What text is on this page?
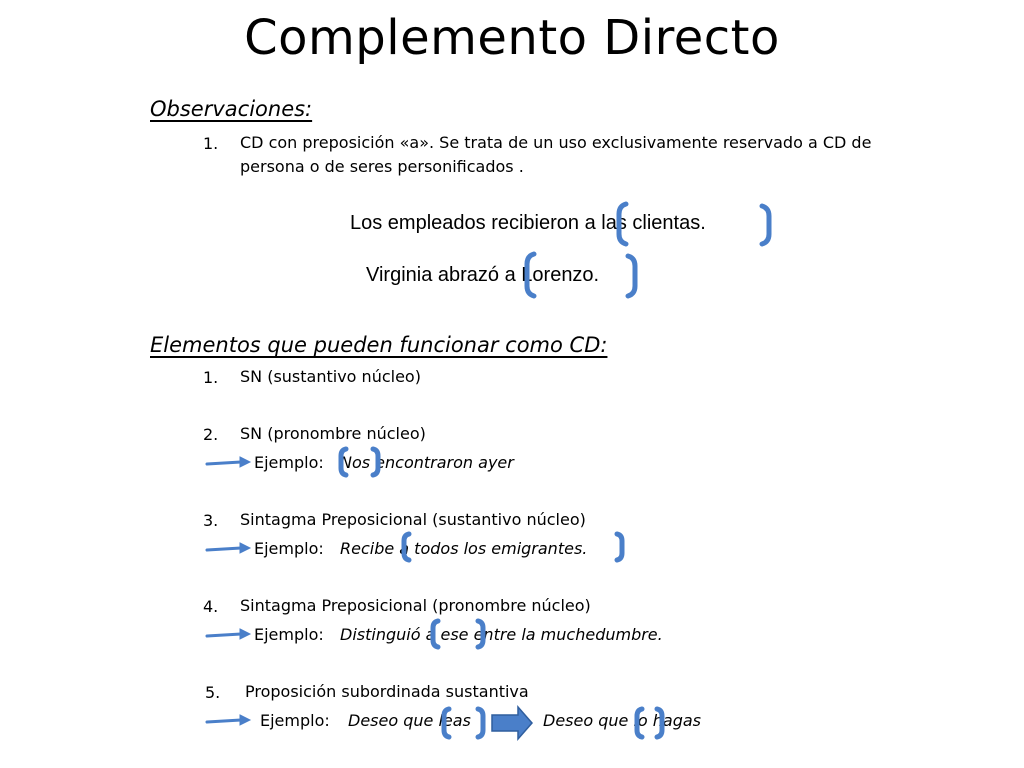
Complemento Directo
Observaciones:
1. CD con preposición «a». Se trata de un uso exclusivamente reservado a CD de
persona o de seres personificados .
Los empleados recibieron a las clientas.
Virginia abrazó a Lorenzo.
Elementos que pueden funcionar como CD:
1. SN (sustantivo núcleo)
2. SN (pronombre núcleo)
Ejemplo: Nos encontraron ayer
3. Sintagma Preposicional (sustantivo núcleo)
Ejemplo: Recibe a todos los emigrantes.
4. Sintagma Preposicional (pronombre núcleo)
Ejemplo: Distinguió a ese entre la muchedumbre.
5. Proposición subordinada sustantiva
Ejemplo: Deseo que leas	Deseo que lo hagas
